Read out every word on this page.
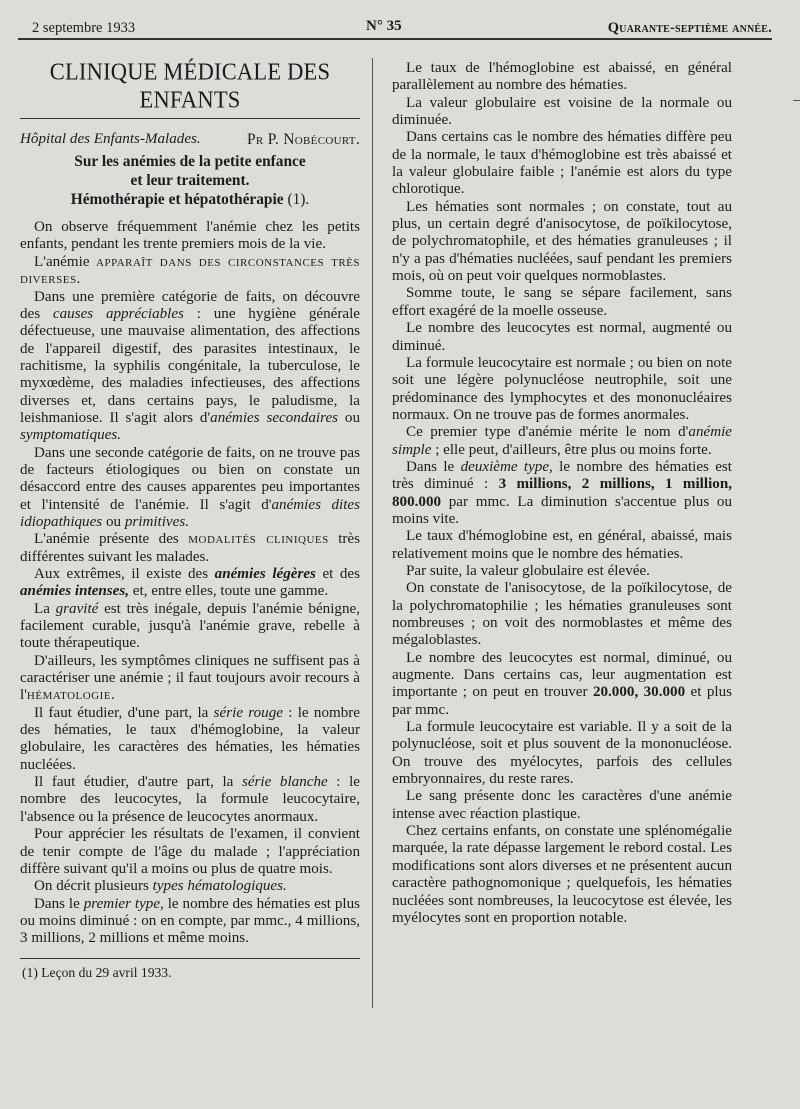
2 septembre 1933	N° 35	Quarante-septième année.
CLINIQUE MÉDICALE DES ENFANTS
Hôpital des Enfants-Malades.	Pr P. Nobécourt.
Sur les anémies de la petite enfance
et leur traitement.
Hémothérapie et hépatothérapie (1).

On observe fréquemment l'anémie chez les petits enfants, pendant les trente premiers mois de la vie.

L'anémie apparaît dans des circonstances très diverses.

Dans une première catégorie de faits, on découvre des causes appréciables : une hygiène générale défectueuse, une mauvaise alimentation, des affections de l'appareil digestif, des parasites intestinaux, le rachitisme, la syphilis congénitale, la tuberculose, le myxœdème, des maladies infectieuses, des affections diverses et, dans certains pays, le paludisme, la leishmaniose. Il s'agit alors d'anémies secondaires ou symptomatiques.

Dans une seconde catégorie de faits, on ne trouve pas de facteurs étiologiques ou bien on constate un désaccord entre des causes apparentes peu importantes et l'intensité de l'anémie. Il s'agit d'anémies dites idiopathiques ou primitives.

L'anémie présente des modalités cliniques très différentes suivant les malades.

Aux extrêmes, il existe des anémies légères et des anémies intenses, et, entre elles, toute une gamme.

La gravité est très inégale, depuis l'anémie bénigne, facilement curable, jusqu'à l'anémie grave, rebelle à toute thérapeutique.

D'ailleurs, les symptômes cliniques ne suffisent pas à caractériser une anémie ; il faut toujours avoir recours à l'hématologie.

Il faut étudier, d'une part, la série rouge : le nombre des hématies, le taux d'hémoglobine, la valeur globulaire, les caractères des hématies, les hématies nucléées.

Il faut étudier, d'autre part, la série blanche : le nombre des leucocytes, la formule leucocytaire, l'absence ou la présence de leucocytes anormaux.

Pour apprécier les résultats de l'examen, il convient de tenir compte de l'âge du malade ; l'appréciation diffère suivant qu'il a moins ou plus de quatre mois.

On décrit plusieurs types hématologiques.

Dans le premier type, le nombre des hématies est plus ou moins diminué : on en compte, par mmc., 4 millions, 3 millions, 2 millions et même moins.

(1) Leçon du 29 avril 1933.

Le taux de l'hémoglobine est abaissé, en général parallèlement au nombre des hématies.

La valeur globulaire est voisine de la normale ou diminuée.

Dans certains cas le nombre des hématies diffère peu de la normale, le taux d'hémoglobine est très abaissé et la valeur globulaire faible ; l'anémie est alors du type chlorotique.

Les hématies sont normales ; on constate, tout au plus, un certain degré d'anisocytose, de poïkilocytose, de polychromatophile, et des hématies granuleuses ; il n'y a pas d'hématies nucléées, sauf pendant les premiers mois, où on peut voir quelques normoblastes.

Somme toute, le sang se sépare facilement, sans effort exagéré de la moelle osseuse.

Le nombre des leucocytes est normal, augmenté ou diminué.

La formule leucocytaire est normale ; ou bien on note soit une légère polynucléose neutrophile, soit une prédominance des lymphocytes et des mononucléaires normaux. On ne trouve pas de formes anormales.

Ce premier type d'anémie mérite le nom d'anémie simple ; elle peut, d'ailleurs, être plus ou moins forte.

Dans le deuxième type, le nombre des hématies est très diminué : 3 millions, 2 millions, 1 million, 800.000 par mmc. La diminution s'accentue plus ou moins vite.

Le taux d'hémoglobine est, en général, abaissé, mais relativement moins que le nombre des hématies.

Par suite, la valeur globulaire est élevée.

On constate de l'anisocytose, de la poïkilocytose, de la polychromatophilie ; les hématies granuleuses sont nombreuses ; on voit des normoblastes et même des mégaloblastes.

Le nombre des leucocytes est normal, diminué, ou augmente. Dans certains cas, leur augmentation est importante ; on peut en trouver 20.000, 30.000 et plus par mmc.

La formule leucocytaire est variable. Il y a soit de la polynucléose, soit et plus souvent de la mononucléose. On trouve des myélocytes, parfois des cellules embryonnaires, du reste rares.

Le sang présente donc les caractères d'une anémie intense avec réaction plastique.

Chez certains enfants, on constate une splénomégalie marquée, la rate dépasse largement le rebord costal. Les modifications sont alors diverses et ne présentent aucun caractère pathognomonique ; quelquefois, les hématies nucléées sont nombreuses, la leucocytose est élevée, les myélocytes sont en proportion notable.
